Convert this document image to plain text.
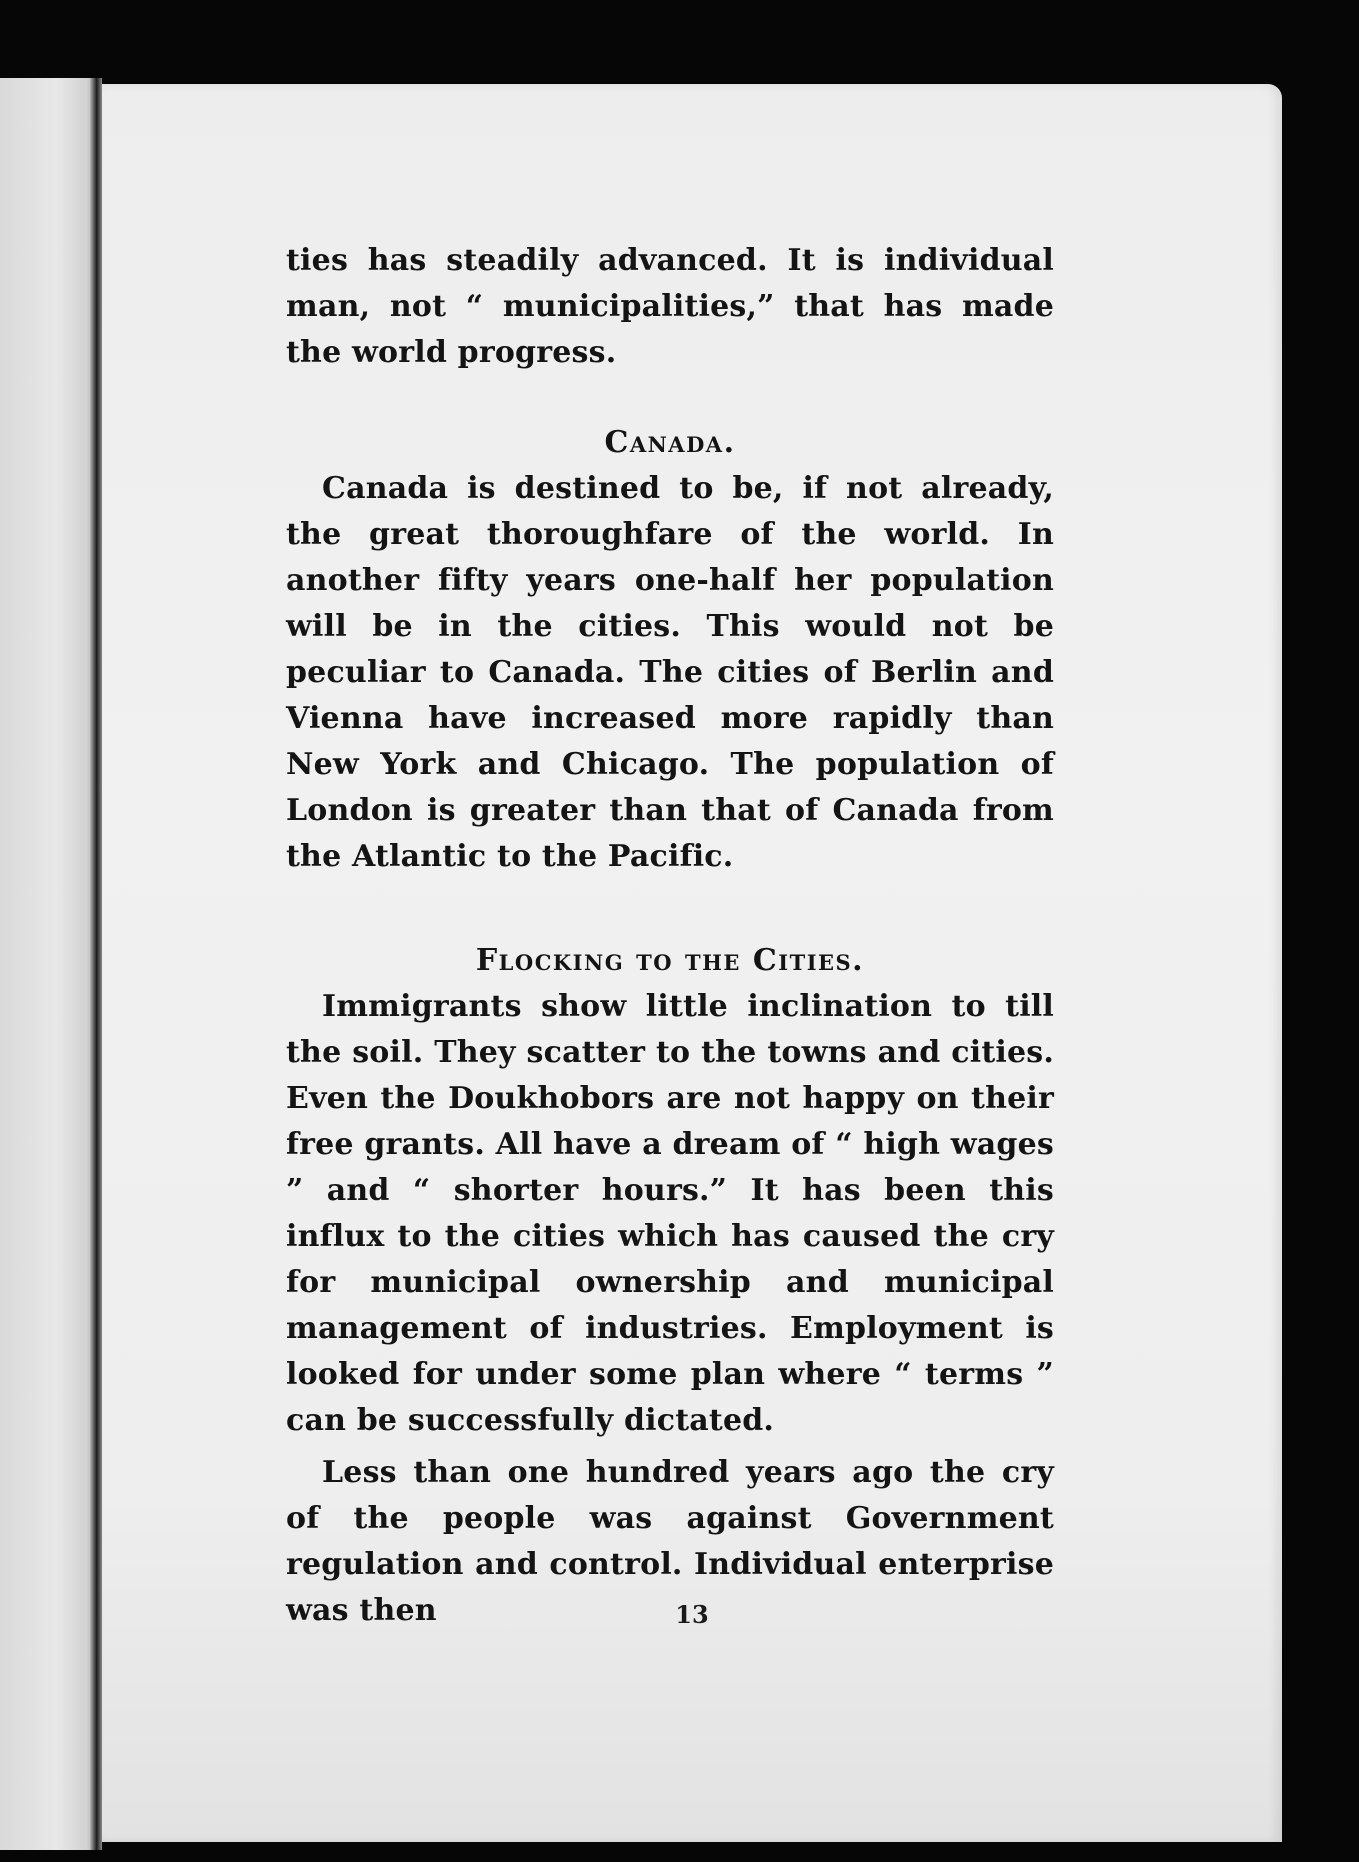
ties has steadily advanced. It is individual man, not “ municipalities,” that has made the world progress.

Canada.

Canada is destined to be, if not already, the great thoroughfare of the world. In another fifty years one-half her population will be in the cities. This would not be peculiar to Canada. The cities of Berlin and Vienna have increased more rapidly than New York and Chicago. The population of London is greater than that of Canada from the Atlantic to the Pacific.

Flocking to the Cities.

Immigrants show little inclination to till the soil. They scatter to the towns and cities. Even the Doukhobors are not happy on their free grants. All have a dream of “ high wages ” and “ shorter hours.” It has been this influx to the cities which has caused the cry for municipal ownership and municipal management of industries. Employment is looked for under some plan where “ terms ” can be successfully dictated.

Less than one hundred years ago the cry of the people was against Government regulation and control. Individual enterprise was then	13
